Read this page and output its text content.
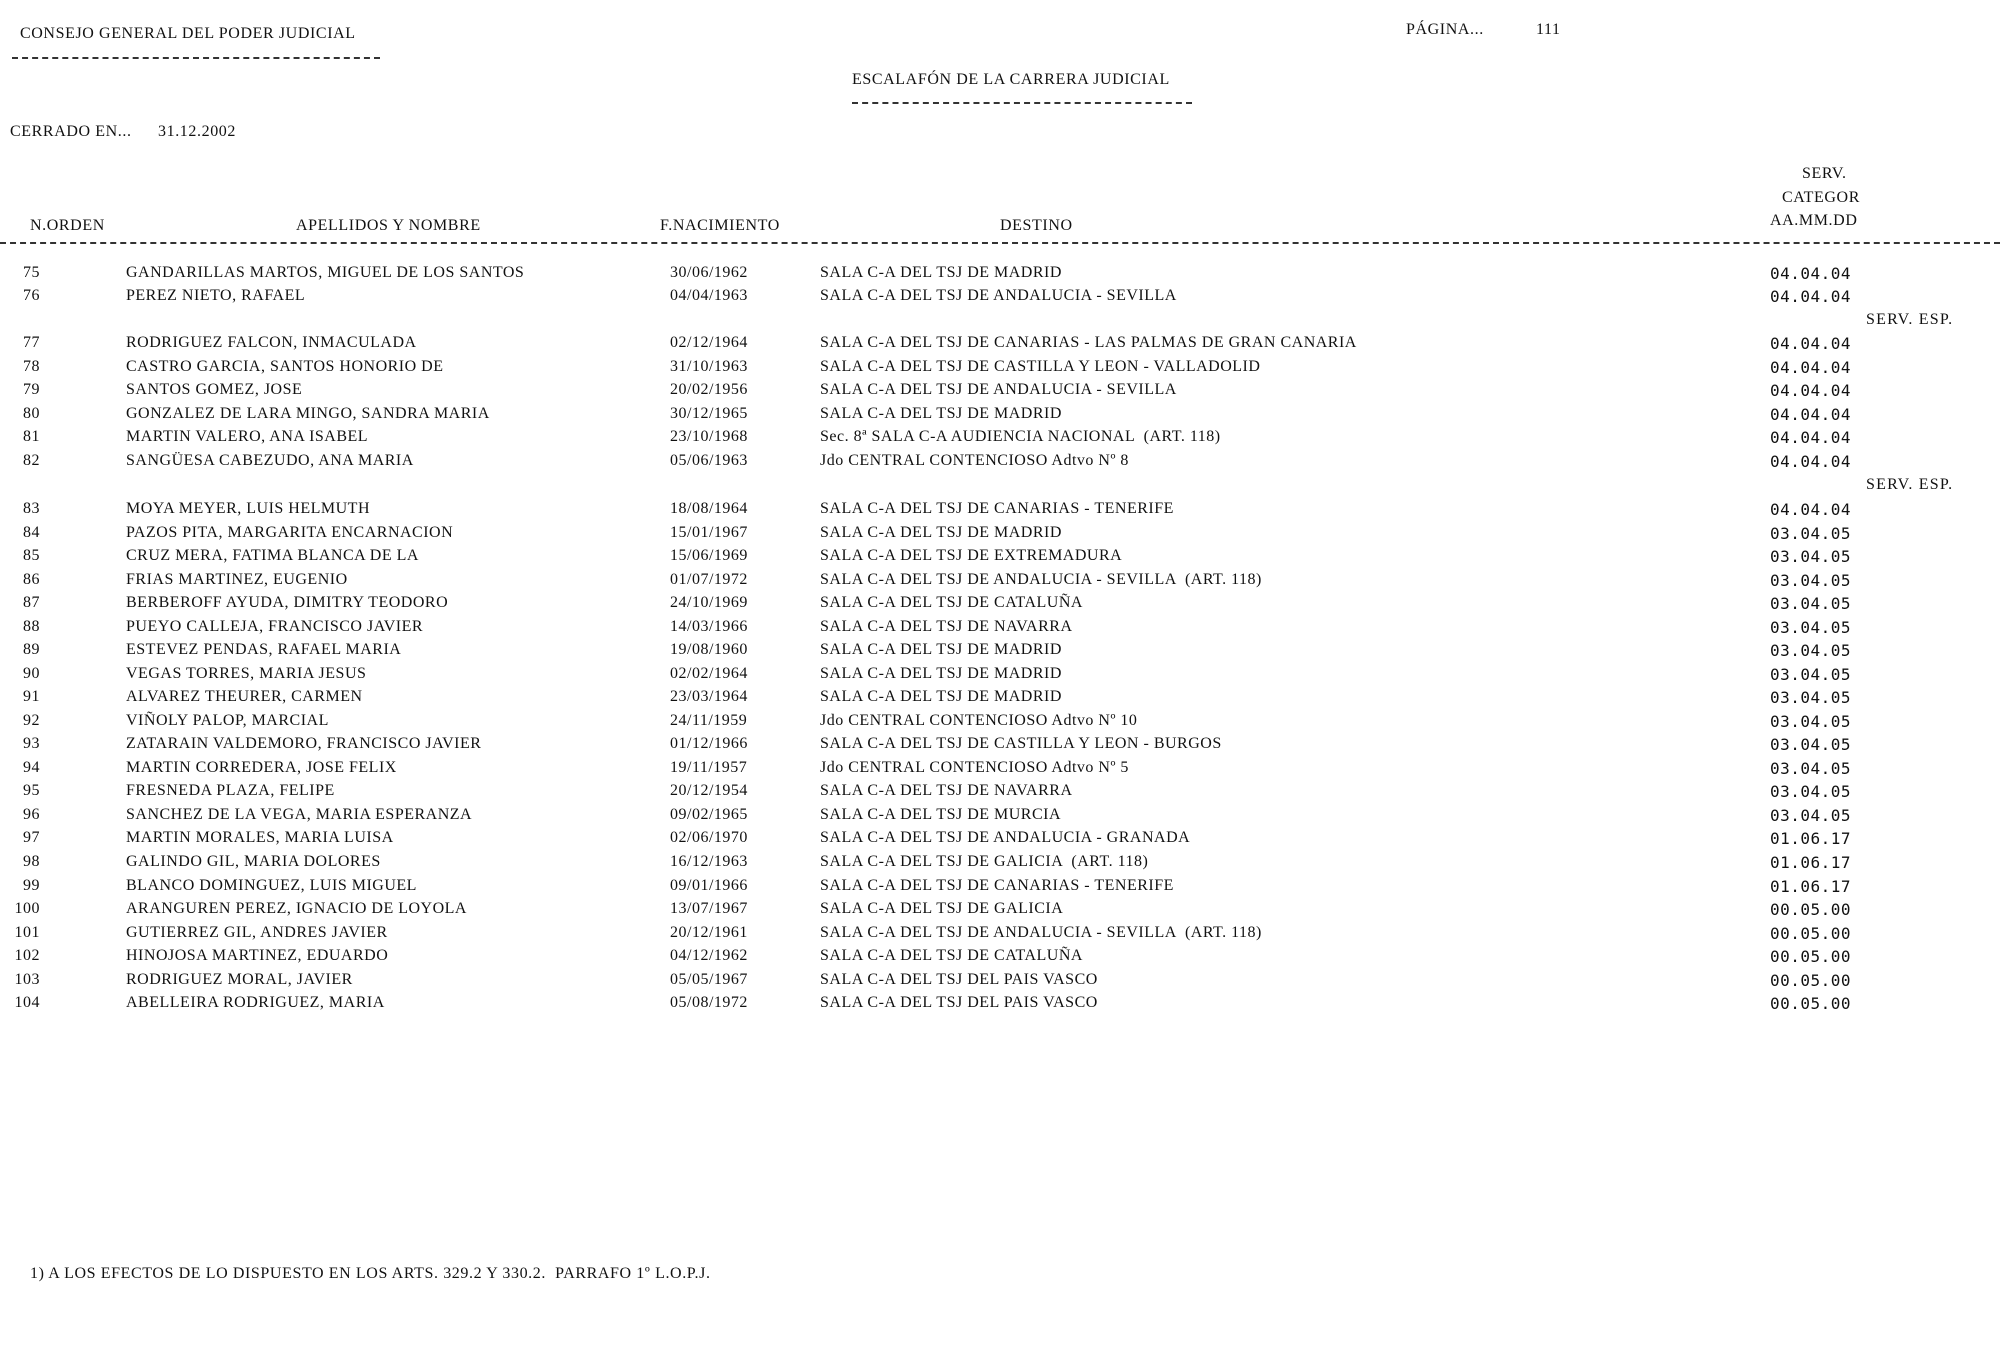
CONSEJO GENERAL DEL PODER JUDICIAL	PÁGINA...	111
ESCALAFÓN DE LA CARRERA JUDICIAL
CERRADO EN... 31.12.2002
SERV.
CATEGOR
AA.MM.DD
N.ORDEN	APELLIDOS Y NOMBRE	F.NACIMIENTO	DESTINO
75	GANDARILLAS MARTOS, MIGUEL DE LOS SANTOS	30/06/1962	SALA C-A DEL TSJ DE MADRID	04.04.04
76	PEREZ NIETO, RAFAEL	04/04/1963	SALA C-A DEL TSJ DE ANDALUCIA - SEVILLA	04.04.04
SERV. ESP.
77	RODRIGUEZ FALCON, INMACULADA	02/12/1964	SALA C-A DEL TSJ DE CANARIAS - LAS PALMAS DE GRAN CANARIA	04.04.04
78	CASTRO GARCIA, SANTOS HONORIO DE	31/10/1963	SALA C-A DEL TSJ DE CASTILLA Y LEON - VALLADOLID	04.04.04
79	SANTOS GOMEZ, JOSE	20/02/1956	SALA C-A DEL TSJ DE ANDALUCIA - SEVILLA	04.04.04
80	GONZALEZ DE LARA MINGO, SANDRA MARIA	30/12/1965	SALA C-A DEL TSJ DE MADRID	04.04.04
81	MARTIN VALERO, ANA ISABEL	23/10/1968	Sec. 8ª SALA C-A AUDIENCIA NACIONAL  (ART. 118)	04.04.04
82	SANGÜESA CABEZUDO, ANA MARIA	05/06/1963	Jdo CENTRAL CONTENCIOSO Adtvo Nº 8	04.04.04
SERV. ESP.
83	MOYA MEYER, LUIS HELMUTH	18/08/1964	SALA C-A DEL TSJ DE CANARIAS - TENERIFE	04.04.04
84	PAZOS PITA, MARGARITA ENCARNACION	15/01/1967	SALA C-A DEL TSJ DE MADRID	03.04.05
85	CRUZ MERA, FATIMA BLANCA DE LA	15/06/1969	SALA C-A DEL TSJ DE EXTREMADURA	03.04.05
86	FRIAS MARTINEZ, EUGENIO	01/07/1972	SALA C-A DEL TSJ DE ANDALUCIA - SEVILLA  (ART. 118)	03.04.05
87	BERBEROFF AYUDA, DIMITRY TEODORO	24/10/1969	SALA C-A DEL TSJ DE CATALUÑA	03.04.05
88	PUEYO CALLEJA, FRANCISCO JAVIER	14/03/1966	SALA C-A DEL TSJ DE NAVARRA	03.04.05
89	ESTEVEZ PENDAS, RAFAEL MARIA	19/08/1960	SALA C-A DEL TSJ DE MADRID	03.04.05
90	VEGAS TORRES, MARIA JESUS	02/02/1964	SALA C-A DEL TSJ DE MADRID	03.04.05
91	ALVAREZ THEURER, CARMEN	23/03/1964	SALA C-A DEL TSJ DE MADRID	03.04.05
92	VIÑOLY PALOP, MARCIAL	24/11/1959	Jdo CENTRAL CONTENCIOSO Adtvo Nº 10	03.04.05
93	ZATARAIN VALDEMORO, FRANCISCO JAVIER	01/12/1966	SALA C-A DEL TSJ DE CASTILLA Y LEON - BURGOS	03.04.05
94	MARTIN CORREDERA, JOSE FELIX	19/11/1957	Jdo CENTRAL CONTENCIOSO Adtvo Nº 5	03.04.05
95	FRESNEDA PLAZA, FELIPE	20/12/1954	SALA C-A DEL TSJ DE NAVARRA	03.04.05
96	SANCHEZ DE LA VEGA, MARIA ESPERANZA	09/02/1965	SALA C-A DEL TSJ DE MURCIA	03.04.05
97	MARTIN MORALES, MARIA LUISA	02/06/1970	SALA C-A DEL TSJ DE ANDALUCIA - GRANADA	01.06.17
98	GALINDO GIL, MARIA DOLORES	16/12/1963	SALA C-A DEL TSJ DE GALICIA  (ART. 118)	01.06.17
99	BLANCO DOMINGUEZ, LUIS MIGUEL	09/01/1966	SALA C-A DEL TSJ DE CANARIAS - TENERIFE	01.06.17
100	ARANGUREN PEREZ, IGNACIO DE LOYOLA	13/07/1967	SALA C-A DEL TSJ DE GALICIA	00.05.00
101	GUTIERREZ GIL, ANDRES JAVIER	20/12/1961	SALA C-A DEL TSJ DE ANDALUCIA - SEVILLA  (ART. 118)	00.05.00
102	HINOJOSA MARTINEZ, EDUARDO	04/12/1962	SALA C-A DEL TSJ DE CATALUÑA	00.05.00
103	RODRIGUEZ MORAL, JAVIER	05/05/1967	SALA C-A DEL TSJ DEL PAIS VASCO	00.05.00
104	ABELLEIRA RODRIGUEZ, MARIA	05/08/1972	SALA C-A DEL TSJ DEL PAIS VASCO	00.05.00
1) A LOS EFECTOS DE LO DISPUESTO EN LOS ARTS. 329.2 Y 330.2.  PARRAFO 1º L.O.P.J.
